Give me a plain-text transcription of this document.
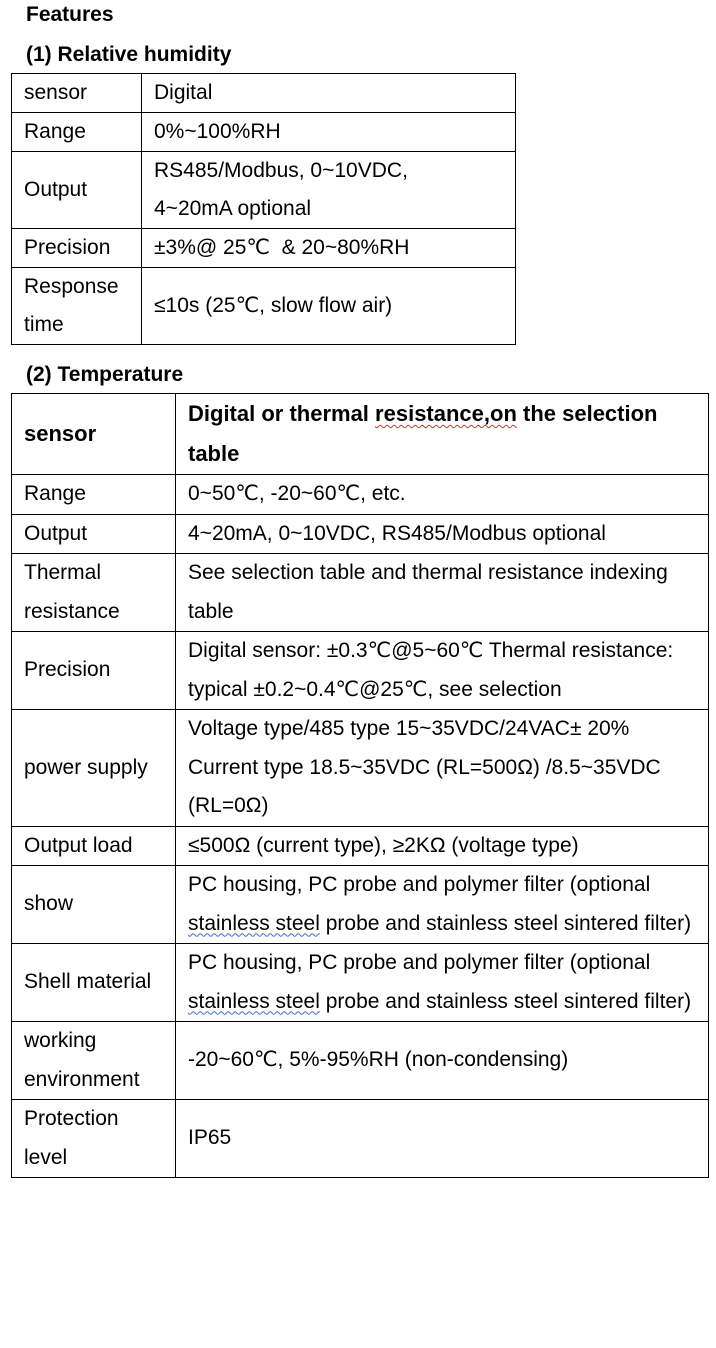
Features
(1) Relative humidity
sensor	Digital
Range	0%~100%RH
Output	RS485/Modbus, 0~10VDC, 4~20mA optional
Precision	±3%@ 25℃  & 20~80%RH
Response time	≤10s (25℃, slow flow air)
(2) Temperature
sensor	Digital or thermal resistance,on the selection table
Range	0~50℃, -20~60℃, etc.
Output	4~20mA, 0~10VDC, RS485/Modbus optional
Thermal resistance	See selection table and thermal resistance indexing table
Precision	Digital sensor: ±0.3℃@5~60℃ Thermal resistance: typical ±0.2~0.4℃@25℃, see selection
power supply	Voltage type/485 type 15~35VDC/24VAC± 20% Current type 18.5~35VDC (RL=500Ω) /8.5~35VDC (RL=0Ω)
Output load	≤500Ω (current type), ≥2KΩ (voltage type)
show	PC housing, PC probe and polymer filter (optional stainless steel probe and stainless steel sintered filter)
Shell material	PC housing, PC probe and polymer filter (optional stainless steel probe and stainless steel sintered filter)
working environment	-20~60℃, 5%-95%RH (non-condensing)
Protection level	IP65
